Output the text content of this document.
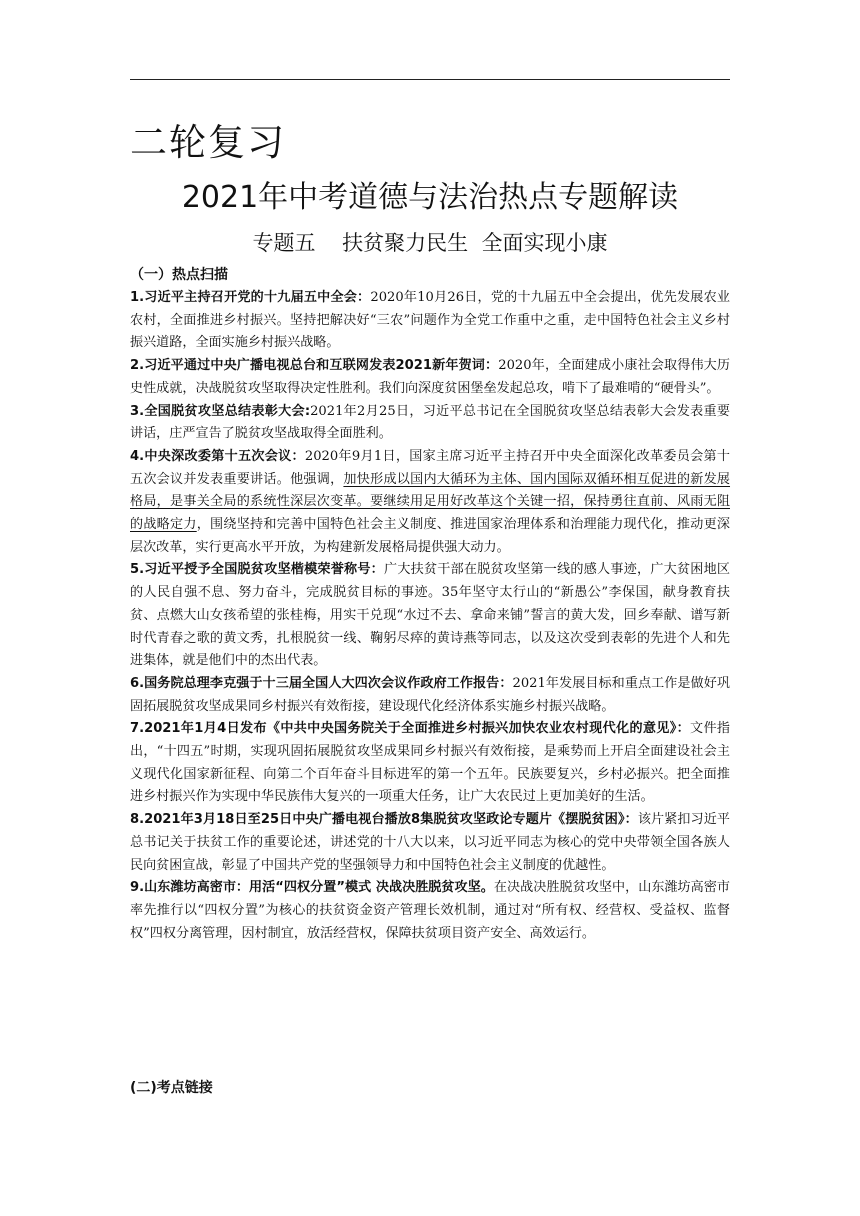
二轮复习
2021年中考道德与法治热点专题解读
专题五    扶贫聚力民生  全面实现小康
（一）热点扫描

1.习近平主持召开党的十九届五中全会：2020年10月26日，党的十九届五中全会提出，优先发展农业农村，全面推进乡村振兴。坚持把解决好“三农”问题作为全党工作重中之重，走中国特色社会主义乡村振兴道路，全面实施乡村振兴战略。

2.习近平通过中央广播电视总台和互联网发表2021新年贺词：2020年，全面建成小康社会取得伟大历史性成就，决战脱贫攻坚取得决定性胜利。我们向深度贫困堡垒发起总攻，啃下了最难啃的“硬骨头”。

3.全国脱贫攻坚总结表彰大会:2021年2月25日，习近平总书记在全国脱贫攻坚总结表彰大会发表重要讲话，庄严宣告了脱贫攻坚战取得全面胜利。

4.中央深改委第十五次会议：2020年9月1日，国家主席习近平主持召开中央全面深化改革委员会第十五次会议并发表重要讲话。他强调，加快形成以国内大循环为主体、国内国际双循环相互促进的新发展格局，是事关全局的系统性深层次变革。要继续用足用好改革这个关键一招，保持勇往直前、风雨无阻的战略定力，围绕坚持和完善中国特色社会主义制度、推进国家治理体系和治理能力现代化，推动更深层次改革，实行更高水平开放，为构建新发展格局提供强大动力。

5.习近平授予全国脱贫攻坚楷模荣誉称号：广大扶贫干部在脱贫攻坚第一线的感人事迹，广大贫困地区的人民自强不息、努力奋斗，完成脱贫目标的事迹。35年坚守太行山的“新愚公”李保国，献身教育扶贫、点燃大山女孩希望的张桂梅，用实干兑现“水过不去、拿命来铺”誓言的黄大发，回乡奉献、谱写新时代青春之歌的黄文秀，扎根脱贫一线、鞠躬尽瘁的黄诗燕等同志，以及这次受到表彰的先进个人和先进集体，就是他们中的杰出代表。

6.国务院总理李克强于十三届全国人大四次会议作政府工作报告：2021年发展目标和重点工作是做好巩固拓展脱贫攻坚成果同乡村振兴有效衔接，建设现代化经济体系实施乡村振兴战略。

7.2021年1月4日发布《中共中央国务院关于全面推进乡村振兴加快农业农村现代化的意见》：文件指出，“十四五”时期，实现巩固拓展脱贫攻坚成果同乡村振兴有效衔接，是乘势而上开启全面建设社会主义现代化国家新征程、向第二个百年奋斗目标进军的第一个五年。民族要复兴，乡村必振兴。把全面推进乡村振兴作为实现中华民族伟大复兴的一项重大任务，让广大农民过上更加美好的生活。

8.2021年3月18日至25日中央广播电视台播放8集脱贫攻坚政论专题片《摆脱贫困》：该片紧扣习近平总书记关于扶贫工作的重要论述，讲述党的十八大以来，以习近平同志为核心的党中央带领全国各族人民向贫困宣战，彰显了中国共产党的坚强领导力和中国特色社会主义制度的优越性。

9.山东潍坊高密市：用活“四权分置”模式 决战决胜脱贫攻坚。在决战决胜脱贫攻坚中，山东潍坊高密市率先推行以“四权分置”为核心的扶贫资金资产管理长效机制，通过对“所有权、经营权、受益权、监督权”四权分离管理，因村制宜，放活经营权，保障扶贫项目资产安全、高效运行。

(二)考点链接
